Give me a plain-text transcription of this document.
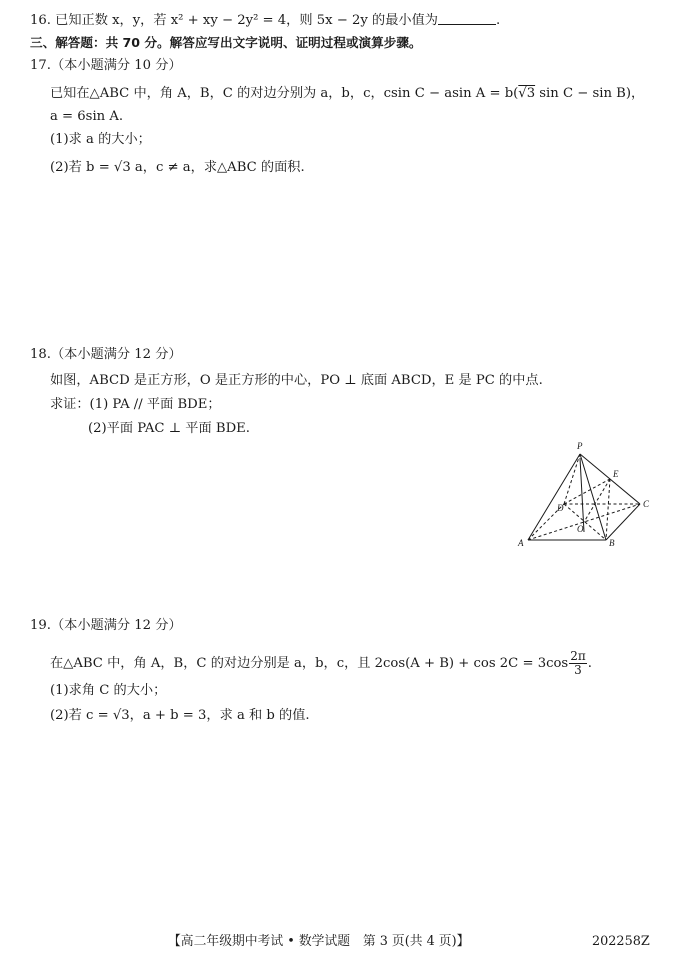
16. 已知正数 x，y，若 x² + xy − 2y² = 4，则 5x − 2y 的最小值为	.
三、解答题：共 70 分。解答应写出文字说明、证明过程或演算步骤。
17.（本小题满分 10 分）
已知在△ABC 中，角 A，B，C 的对边分别为 a，b，c，csin C − asin A = b(√3 sin C − sin B)，
a = 6sin A.
(1)求 a 的大小；
(2)若 b = √3 a，c ≠ a，求△ABC 的面积.
18.（本小题满分 12 分）
如图，ABCD 是正方形，O 是正方形的中心，PO ⊥ 底面 ABCD，E 是 PC 的中点.
求证：(1) PA // 平面 BDE；
(2)平面 PAC ⊥ 平面 BDE.
P
E
C
D
O
A	B
19.（本小题满分 12 分）
在△ABC 中，角 A，B，C 的对边分别是 a，b，c，且 $2\cos(A + B) + \cos 2C = 3\cos \frac{2\pi}{3}$ .
(1)求角 C 的大小；
(2)若 c = √3，a + b = 3，求 a 和 b 的值.
【高二年级期中考试 • 数学试题　第 3 页(共 4 页)】	202258Z
